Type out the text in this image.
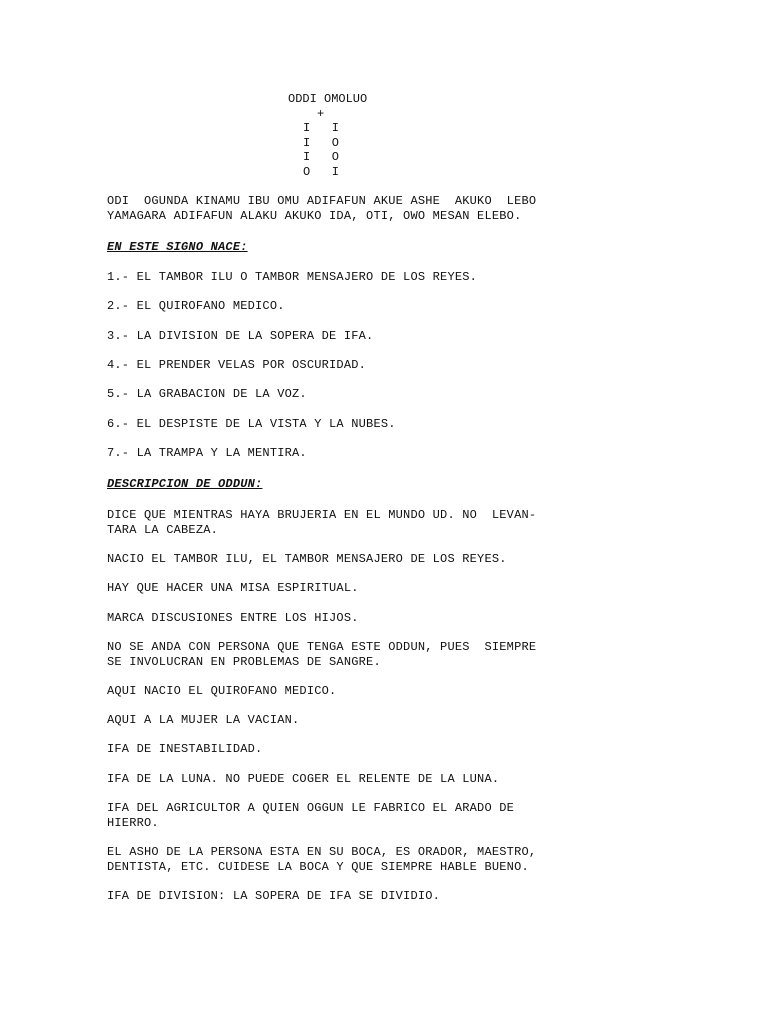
ODDI OMOLUO
+
I   I
I   O
I   O
O   I
ODI  OGUNDA KINAMU IBU OMU ADIFAFUN AKUE ASHE  AKUKO  LEBO
YAMAGARA ADIFAFUN ALAKU AKUKO IDA, OTI, OWO MESAN ELEBO.
EN ESTE SIGNO NACE:
1.- EL TAMBOR ILU O TAMBOR MENSAJERO DE LOS REYES.
2.- EL QUIROFANO MEDICO.
3.- LA DIVISION DE LA SOPERA DE IFA.
4.- EL PRENDER VELAS POR OSCURIDAD.
5.- LA GRABACION DE LA VOZ.
6.- EL DESPISTE DE LA VISTA Y LA NUBES.
7.- LA TRAMPA Y LA MENTIRA.
DESCRIPCION DE ODDUN:
DICE QUE MIENTRAS HAYA BRUJERIA EN EL MUNDO UD. NO  LEVAN-
TARA LA CABEZA.
NACIO EL TAMBOR ILU, EL TAMBOR MENSAJERO DE LOS REYES.
HAY QUE HACER UNA MISA ESPIRITUAL.
MARCA DISCUSIONES ENTRE LOS HIJOS.
NO SE ANDA CON PERSONA QUE TENGA ESTE ODDUN, PUES  SIEMPRE
SE INVOLUCRAN EN PROBLEMAS DE SANGRE.
AQUI NACIO EL QUIROFANO MEDICO.
AQUI A LA MUJER LA VACIAN.
IFA DE INESTABILIDAD.
IFA DE LA LUNA. NO PUEDE COGER EL RELENTE DE LA LUNA.
IFA DEL AGRICULTOR A QUIEN OGGUN LE FABRICO EL ARADO DE
HIERRO.
EL ASHO DE LA PERSONA ESTA EN SU BOCA, ES ORADOR, MAESTRO,
DENTISTA, ETC. CUIDESE LA BOCA Y QUE SIEMPRE HABLE BUENO.
IFA DE DIVISION: LA SOPERA DE IFA SE DIVIDIO.
